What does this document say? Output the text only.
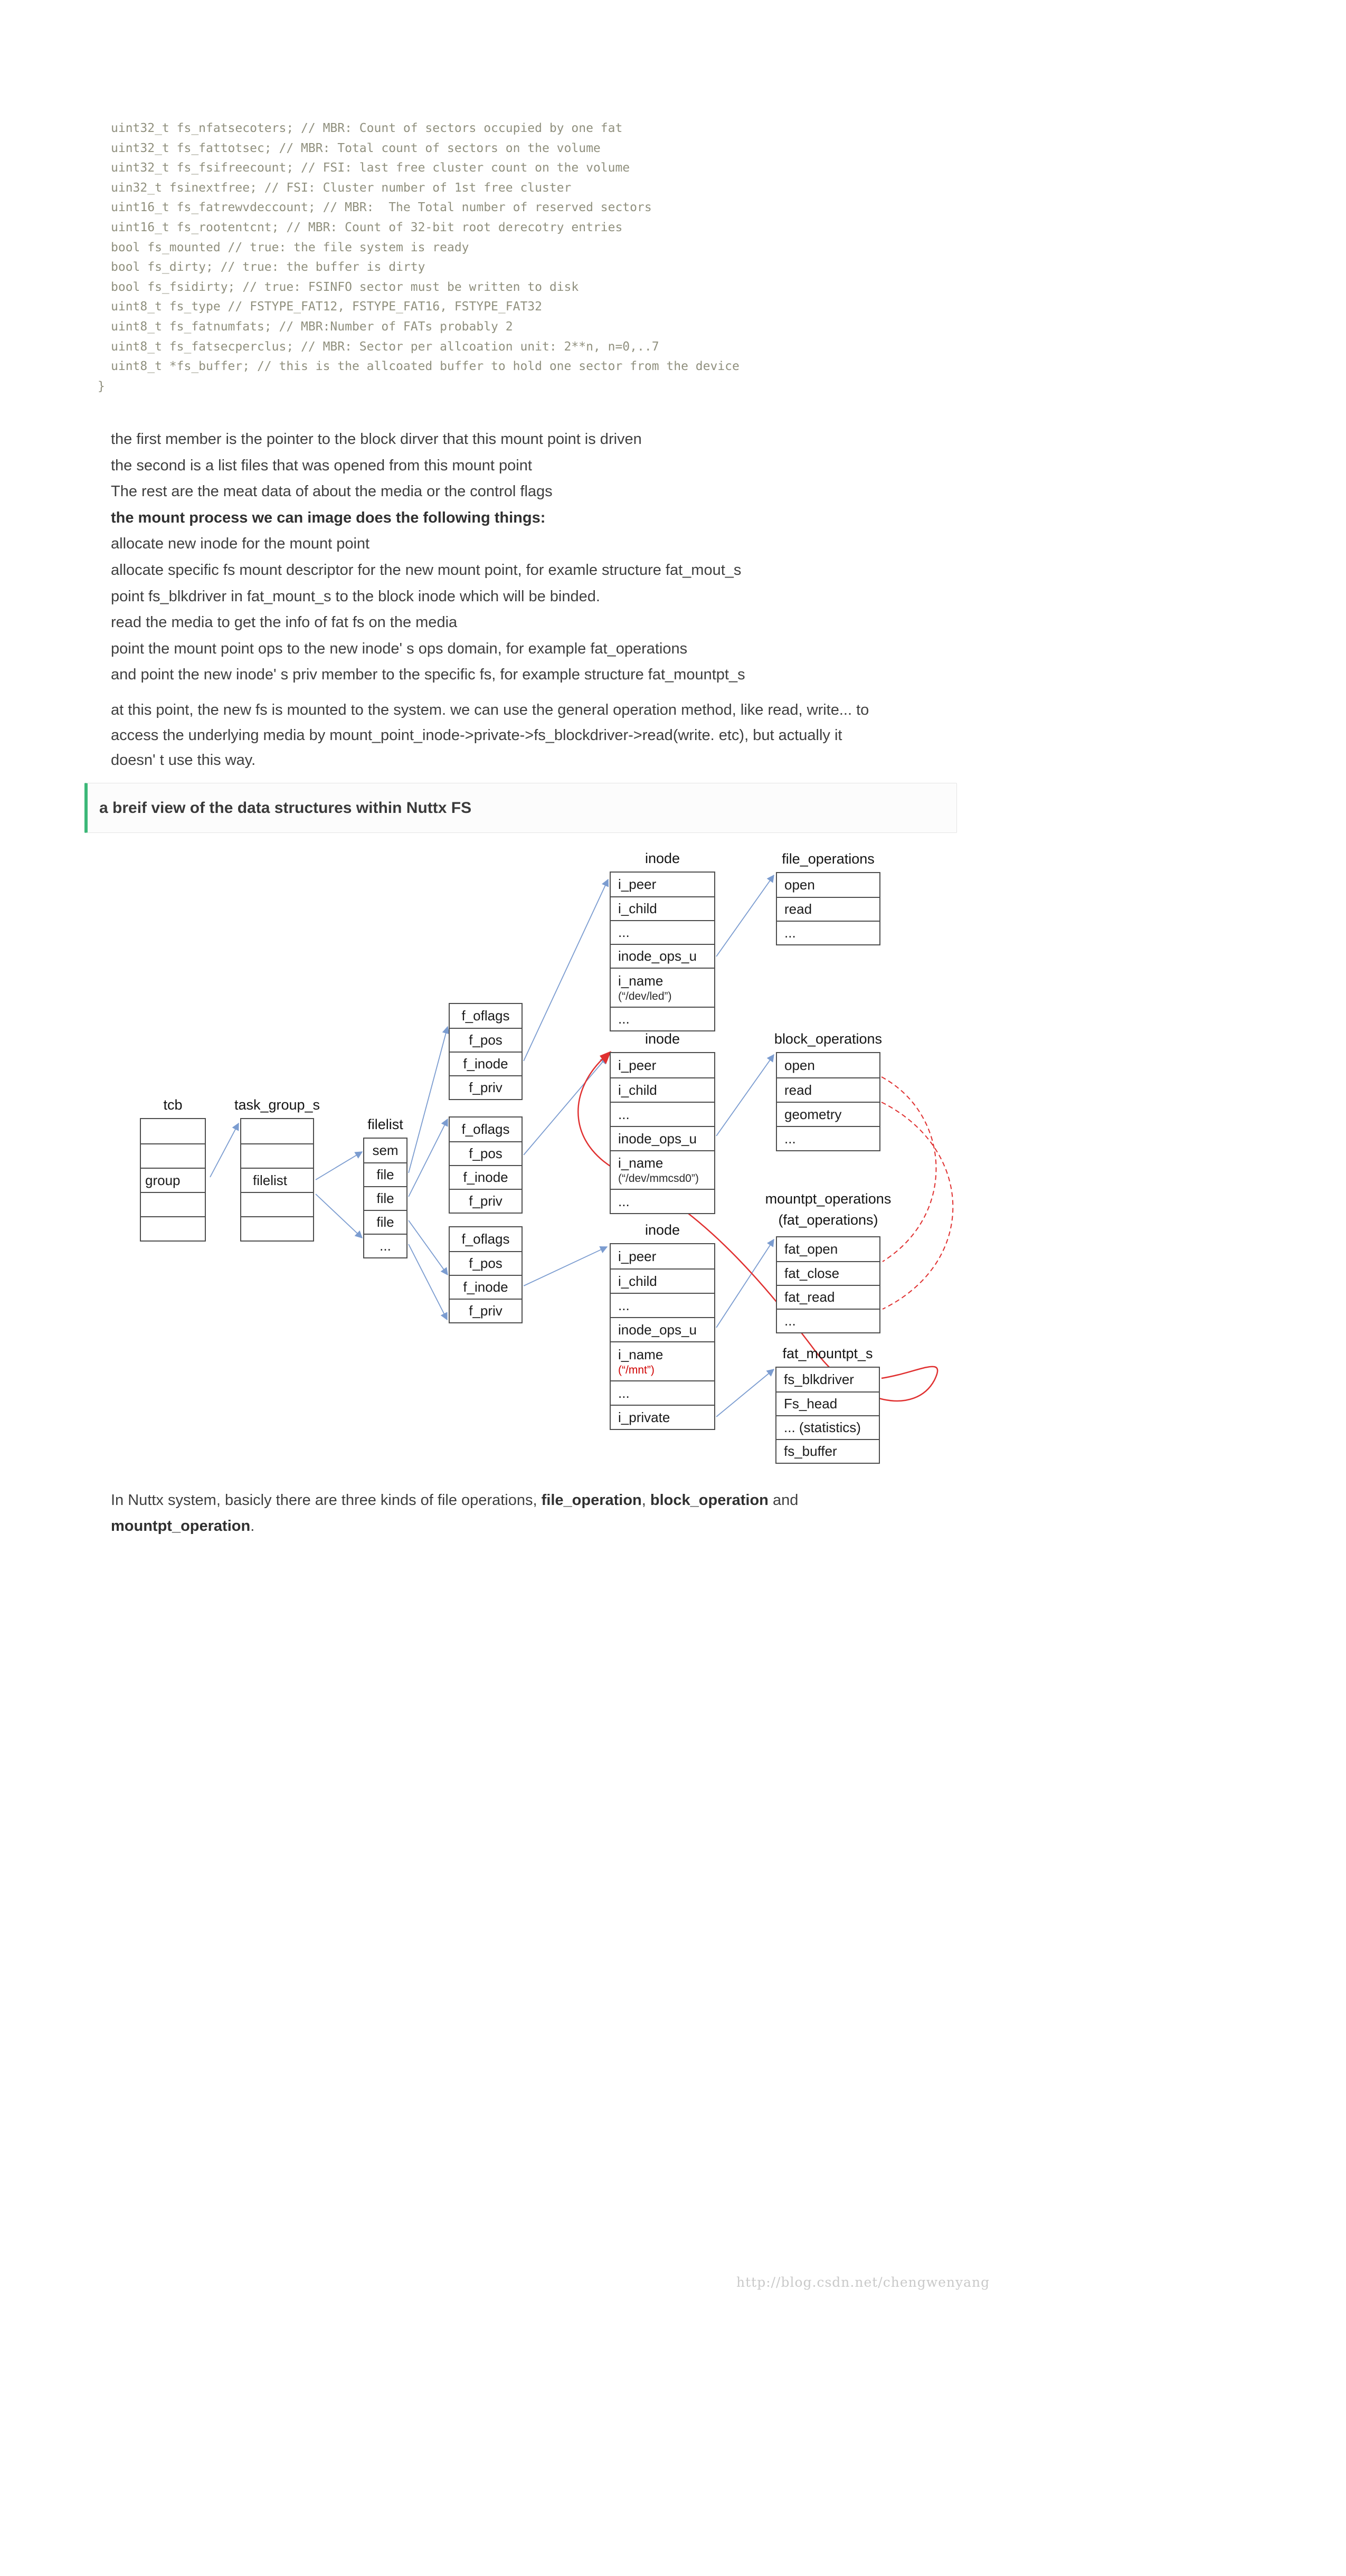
uint32_t fs_nfatsecoters; // MBR: Count of sectors occupied by one fat
uint32_t fs_fattotsec; // MBR: Total count of sectors on the volume
uint32_t fs_fsifreecount; // FSI: last free cluster count on the volume
uin32_t fsinextfree; // FSI: Cluster number of 1st free cluster
uint16_t fs_fatrewvdeccount; // MBR:  The Total number of reserved sectors
uint16_t fs_rootentcnt; // MBR: Count of 32-bit root derecotry entries
bool fs_mounted // true: the file system is ready
bool fs_dirty; // true: the buffer is dirty
bool fs_fsidirty; // true: FSINFO sector must be written to disk
uint8_t fs_type // FSTYPE_FAT12, FSTYPE_FAT16, FSTYPE_FAT32
uint8_t fs_fatnumfats; // MBR:Number of FATs probably 2
uint8_t fs_fatsecperclus; // MBR: Sector per allcoation unit: 2**n, n=0,..7
uint8_t *fs_buffer; // this is the allcoated buffer to hold one sector from the device
}
the first member is the pointer to the block dirver that this mount point is driven
the second is a list files that was opened from this mount point
The rest are the meat data of about the media or the control flags
the mount process we can image does the following things:
allocate new inode for the mount point
allocate specific fs mount descriptor for the new mount point, for examle structure fat_mout_s
point fs_blkdriver in fat_mount_s to the block inode which will be binded.
read the media to get the info of fat fs on the media
point the mount point ops to the new inode' s ops domain, for example fat_operations
and point the new inode' s priv member to the specific fs, for example structure fat_mountpt_s
at this point, the new fs is mounted to the system. we can use the general operation method, like read, write... to
access the underlying media by mount_point_inode->private->fs_blockdriver->read(write. etc), but actually it
doesn' t use this way.
a breif view of the data structures within Nuttx FS
tcb
group
task_group_s
filelist
filelist
sem
file
file
file
...
f_oflags
f_pos
f_inode
f_priv
f_oflags
f_pos
f_inode
f_priv
f_oflags
f_pos
f_inode
f_priv
inode
i_peer
i_child
...
inode_ops_u
i_name
(“/dev/led”)
...
file_operations
open
read
...
inode
i_peer
i_child
...
inode_ops_u
i_name
(“/dev/mmcsd0”)
...
block_operations
open
read
geometry
...
mountpt_operations
(fat_operations)
fat_open
fat_close
fat_read
...
inode
i_peer
i_child
...
inode_ops_u
i_name
(“/mnt”)
...
i_private
fat_mountpt_s
fs_blkdriver
Fs_head
... (statistics)
fs_buffer
http://blog.csdn.net/chengwenyang
In Nuttx system, basicly there are three kinds of file operations, file_operation, block_operation and
mountpt_operation.
